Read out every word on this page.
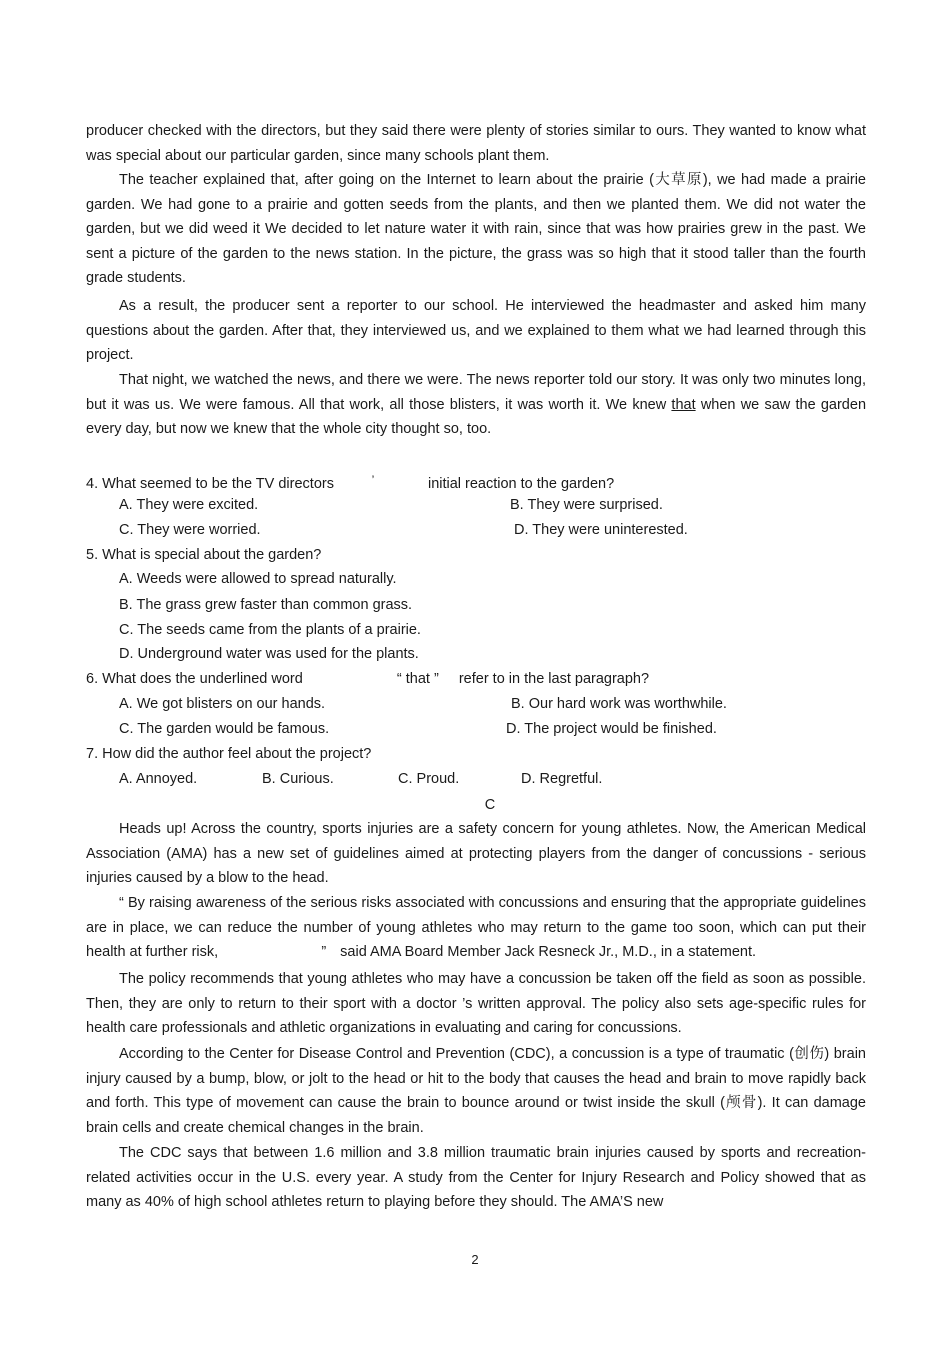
producer checked with the directors, but they said there were plenty of stories similar to ours. They wanted to know what was special about our particular garden, since many schools plant them.

The teacher explained that, after going on the Internet to learn about the prairie (大草原), we had made a prairie garden. We had gone to a prairie and gotten seeds from the plants, and then we planted them. We did not water the garden, but we did weed it We decided to let nature water it with rain, since that was how prairies grew in the past. We sent a picture of the garden to the news station. In the picture, the grass was so high that it stood taller than the fourth grade students.

As a result, the producer sent a reporter to our school. He interviewed the headmaster and asked him many questions about the garden. After that, they interviewed us, and we explained to them what we had learned through this project.

That night, we watched the news, and there we were. The news reporter told our story. It was only two minutes long, but it was us. We were famous. All that work, all those blisters, it was worth it. We knew that when we saw the garden every day, but now we knew that the whole city thought so, too.

4. What seemed to be the TV directors	’	initial reaction to the garden?

A. They were excited.	B. They were surprised.

C. They were worried.	D. They were uninterested.

5. What is special about the garden?

A. Weeds were allowed to spread naturally.

B. The grass grew faster than common grass.

C. The seeds came from the plants of a prairie.

D. Underground water was used for the plants.

6. What does the underlined word	“ that ” refer to in the last paragraph?

A. We got blisters on our hands.	B. Our hard work was worthwhile.

C. The garden would be famous.	D. The project would be finished.

7. How did the author feel about the project?

A. Annoyed.	B. Curious.	C. Proud.	D. Regretful.

C

Heads up! Across the country, sports injuries are a safety concern for young athletes. Now, the American Medical Association (AMA) has a new set of guidelines aimed at protecting players from the danger of concussions - serious injuries caused by a blow to the head.

“ By raising awareness of the serious risks associated with concussions and ensuring that the appropriate guidelines are in place, we can reduce the number of young athletes who may return to the game too soon, which can put their health at further risk,	” said AMA Board Member Jack Resneck Jr., M.D., in a statement.

The policy recommends that young athletes who may have a concussion be taken off the field as soon as possible. Then, they are only to return to their sport with a doctor ’s written approval. The policy also sets age-specific rules for health care professionals and athletic organizations in evaluating and caring for concussions.

According to the Center for Disease Control and Prevention (CDC), a concussion is a type of traumatic (创伤) brain injury caused by a bump, blow, or jolt to the head or hit to the body that causes the head and brain to move rapidly back and forth. This type of movement can cause the brain to bounce around or twist inside the skull (颅骨). It can damage brain cells and create chemical changes in the brain.

The CDC says that between 1.6 million and 3.8 million traumatic brain injuries caused by sports and recreation-related activities occur in the U.S. every year. A study from the Center for Injury Research and Policy showed that as many as 40% of high school athletes return to playing before they should. The AMA’S new

2
